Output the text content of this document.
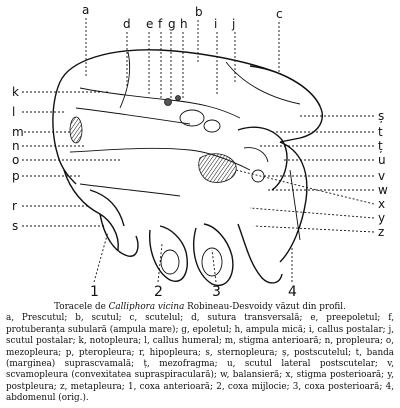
a
d e f g h
b
i j
c
k
l
m
n
o
p
r
s
ș
t
ț
u
v
w
x
y
z
1	2	3	4
Toracele de Calliphora vicina Robineau-Desvoidy văzut din profil.
a, Prescutul; b, scutul; c, scutelul; d, sutura transversală; e, preepoletul; f, protuberanța subulară (ampula mare); g, epoletul; h, ampula mică; i, callus postalar; j, scutul postalar; k, notopleura; l, callus humeral; m, stigma anterioară; n, propleura; o, mezopleura; p, pteropleura; r, hipopleura; s, sternopleura; ș, postscutelul; t, banda (marginea) suprascvamală; ț, mezofragma; u, scutul lateral postscutelar; v, scvamopleura (convexitatea supraspiraculară); w, balansieră; x, stigma posterioară; y, postpleura; z, metapleura; 1, coxa anterioară; 2, coxa mijlocie; 3, coxa posterioară; 4, abdomenul (orig.).
